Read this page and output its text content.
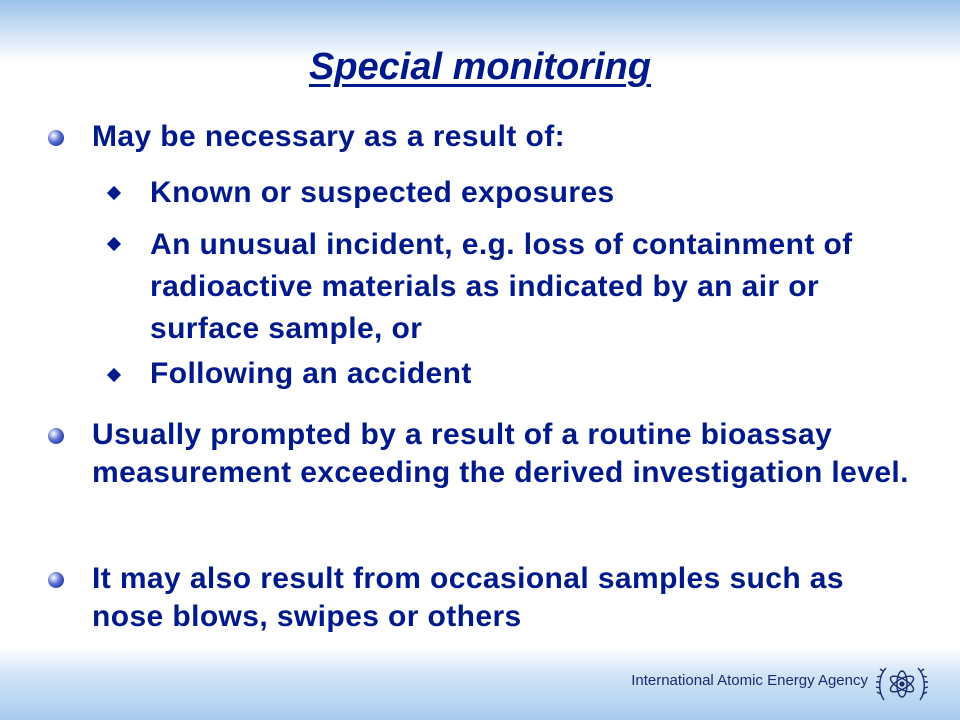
Special monitoring
May be necessary as a result of:
Known or suspected exposures
An unusual incident, e.g. loss of containment of radioactive materials as indicated by an air or surface sample, or
Following an accident
Usually prompted by a result of a routine bioassay measurement exceeding the derived investigation level.
It may also result from occasional samples such as nose blows, swipes or others
International Atomic Energy Agency
